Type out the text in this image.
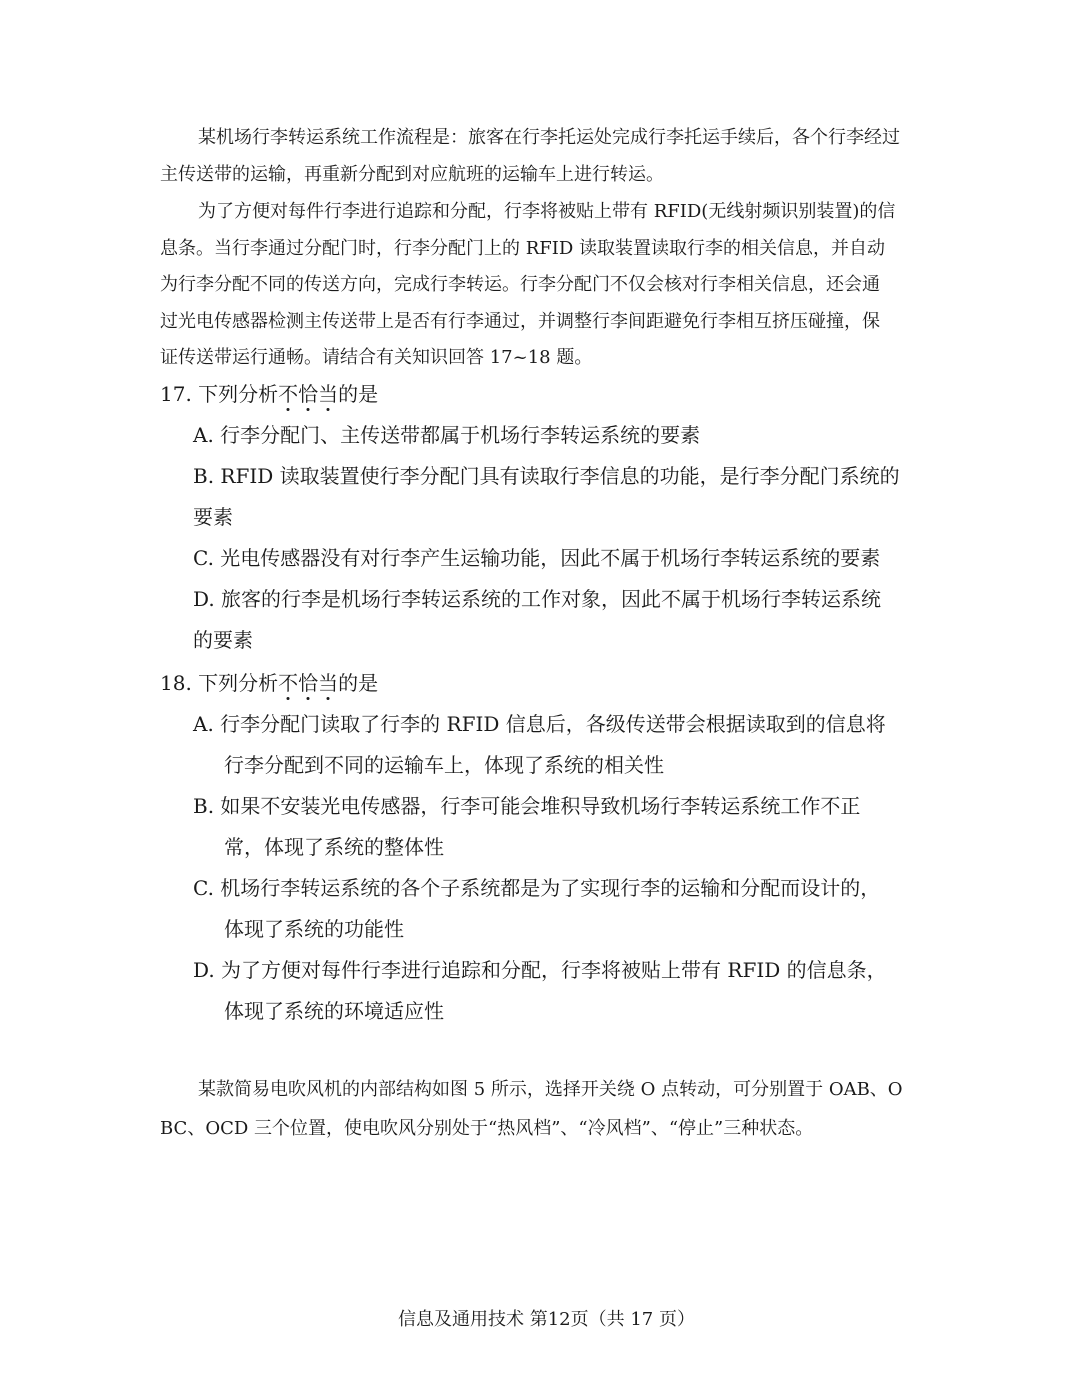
某机场行李转运系统工作流程是：旅客在行李托运处完成行李托运手续后，各个行李经过
主传送带的运输，再重新分配到对应航班的运输车上进行转运。
为了方便对每件行李进行追踪和分配，行李将被贴上带有 RFID(无线射频识别装置)的信
息条。当行李通过分配门时，行李分配门上的 RFID 读取装置读取行李的相关信息，并自动
为行李分配不同的传送方向，完成行李转运。行李分配门不仅会核对行李相关信息，还会通
过光电传感器检测主传送带上是否有行李通过，并调整行李间距避免行李相互挤压碰撞，保
证传送带运行通畅。请结合有关知识回答 17~18 题。
17. 下列分析不恰当的是
A. 行李分配门、主传送带都属于机场行李转运系统的要素
B. RFID 读取装置使行李分配门具有读取行李信息的功能，是行李分配门系统的
要素
C. 光电传感器没有对行李产生运输功能，因此不属于机场行李转运系统的要素
D. 旅客的行李是机场行李转运系统的工作对象，因此不属于机场行李转运系统
的要素
18. 下列分析不恰当的是
A. 行李分配门读取了行李的 RFID 信息后，各级传送带会根据读取到的信息将
行李分配到不同的运输车上，体现了系统的相关性
B. 如果不安装光电传感器，行李可能会堆积导致机场行李转运系统工作不正
常，体现了系统的整体性
C. 机场行李转运系统的各个子系统都是为了实现行李的运输和分配而设计的，
体现了系统的功能性
D. 为了方便对每件行李进行追踪和分配，行李将被贴上带有 RFID 的信息条，
体现了系统的环境适应性
某款简易电吹风机的内部结构如图 5 所示，选择开关绕 O 点转动，可分别置于 OAB、O
BC、OCD 三个位置，使电吹风分别处于“热风档”、“冷风档”、“停止”三种状态。
信息及通用技术 第12页（共 17 页）
